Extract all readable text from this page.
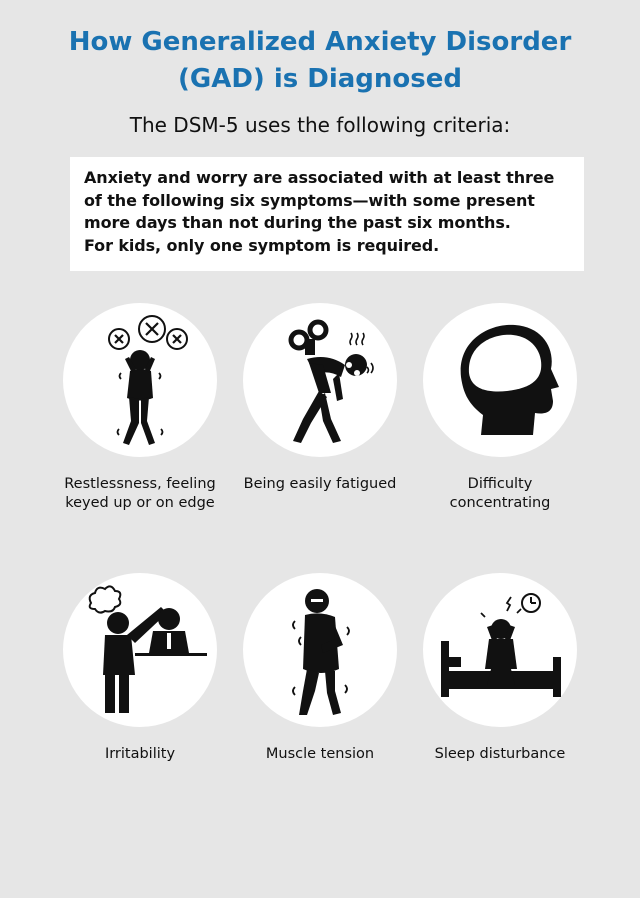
How Generalized Anxiety Disorder
(GAD) is Diagnosed
The DSM-5 uses the following criteria:
Anxiety and worry are associated with at least three
of the following six symptoms—with some present
more days than not during the past six months.
For kids, only one symptom is required.
Restlessness, feeling
keyed up or on edge
Being easily fatigued	Difficulty
concentrating
Irritability	Muscle tension	Sleep disturbance
